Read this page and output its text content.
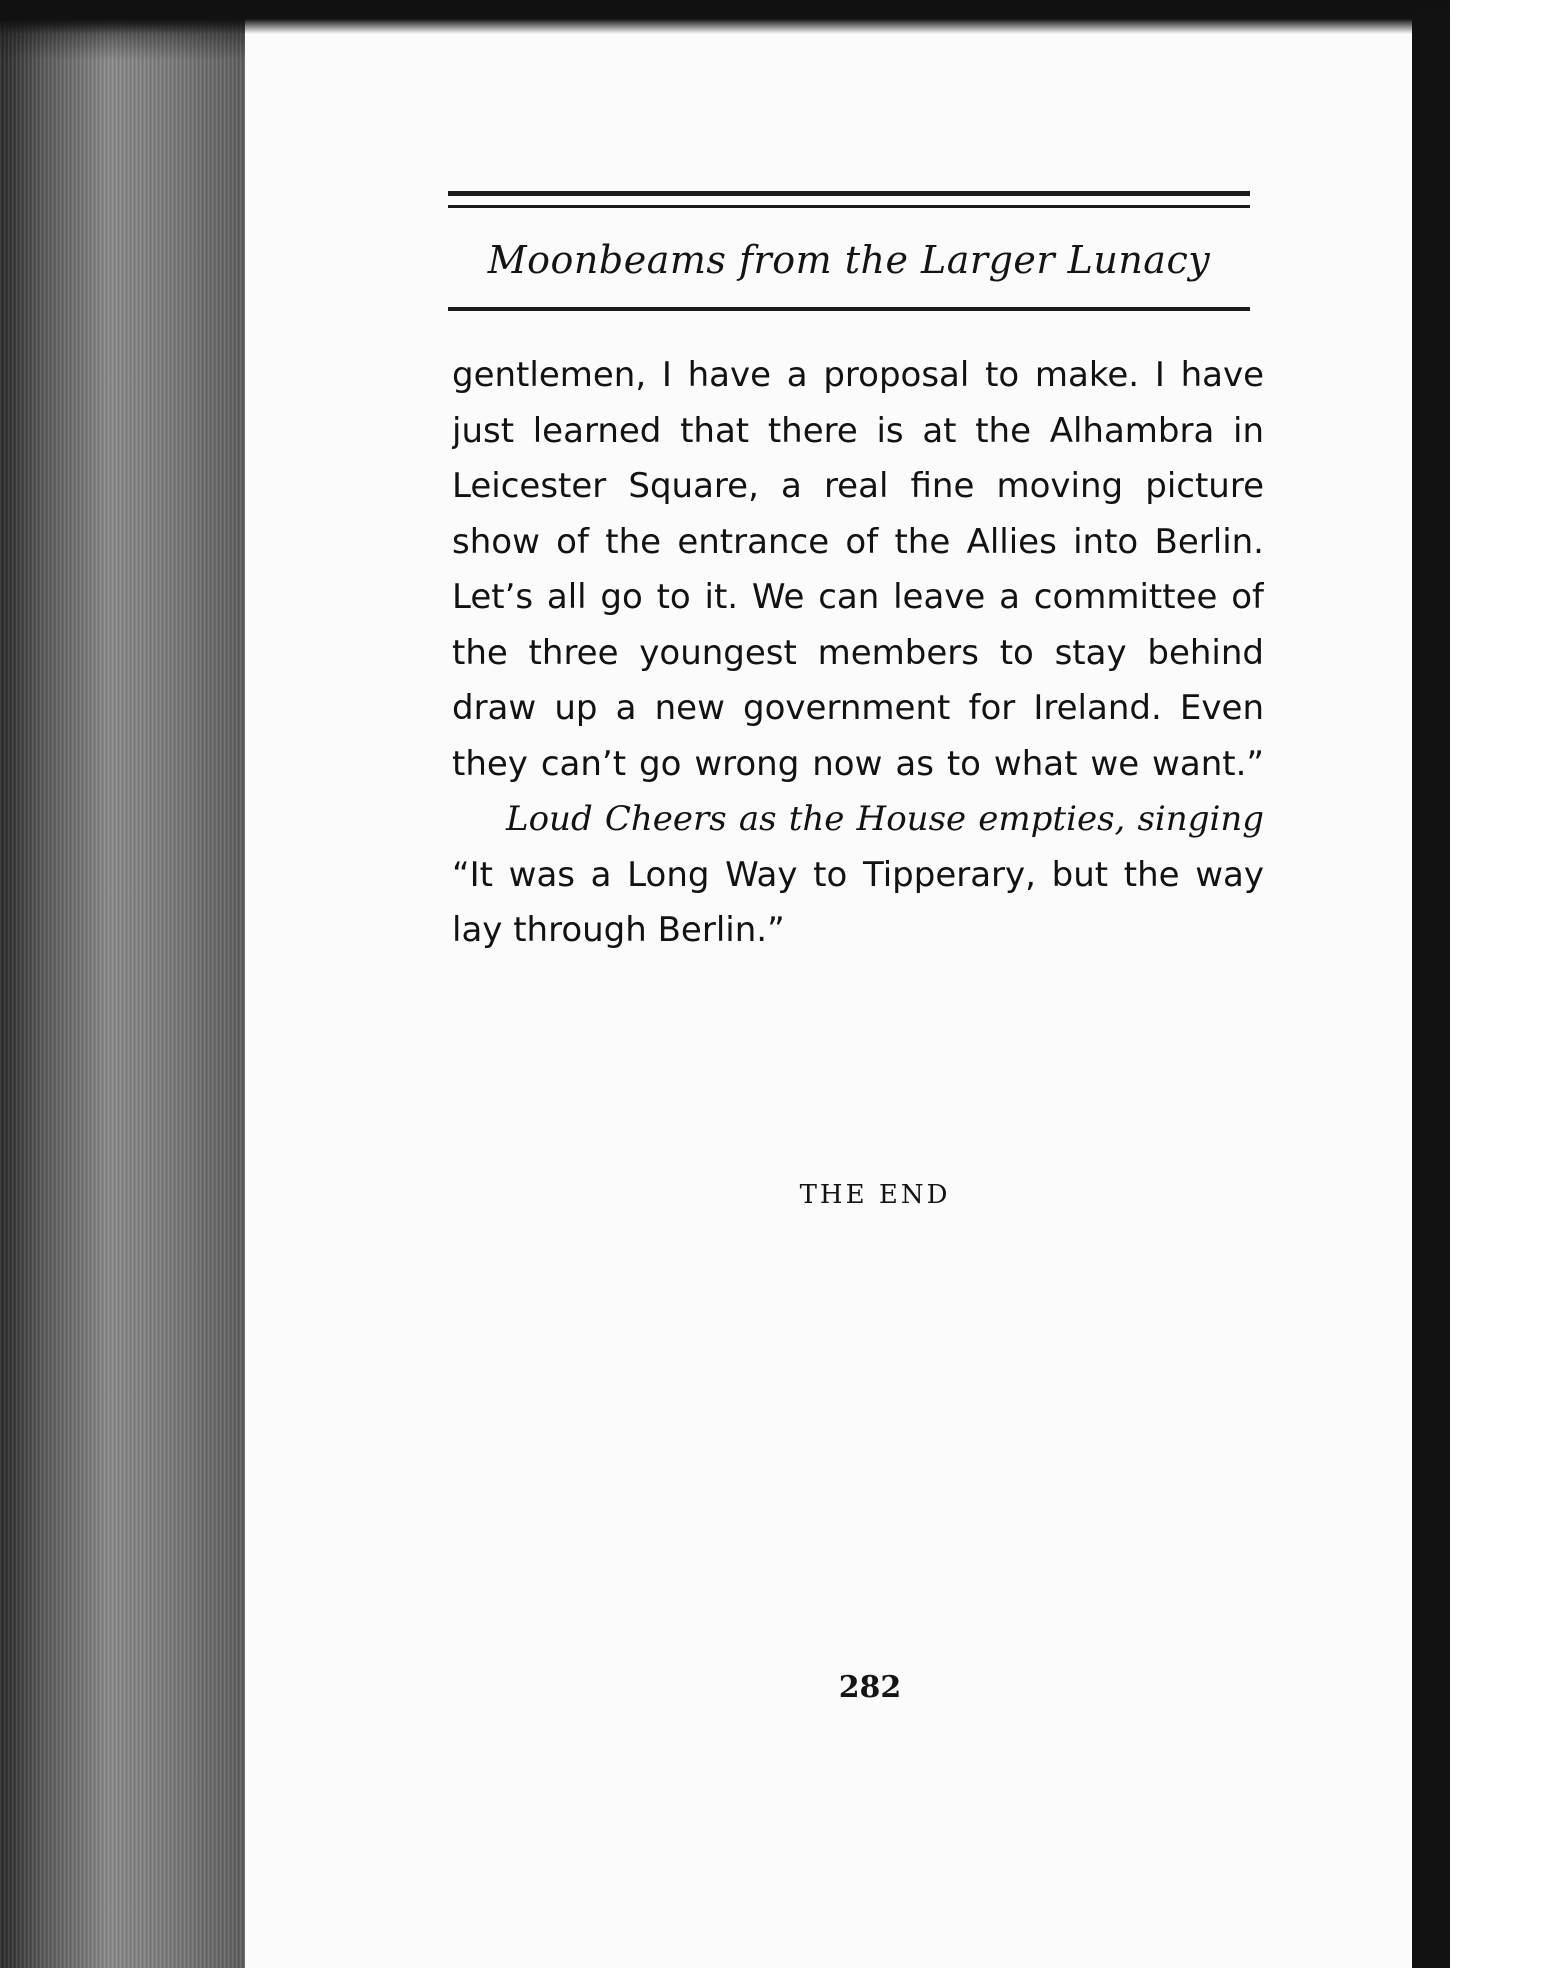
Moonbeams from the Larger Lunacy

gentlemen, I have a proposal to make. I have
just learned that there is at the Alhambra in
Leicester Square, a real fine moving picture
show of the entrance of the Allies into Berlin.
Let’s all go to it. We can leave a committee of
the three youngest members to stay behind
draw up a new government for Ireland. Even
they can’t go wrong now as to what we want.”
Loud Cheers as the House empties, singing
“It was a Long Way to Tipperary, but the way
lay through Berlin.”

THE END

282
